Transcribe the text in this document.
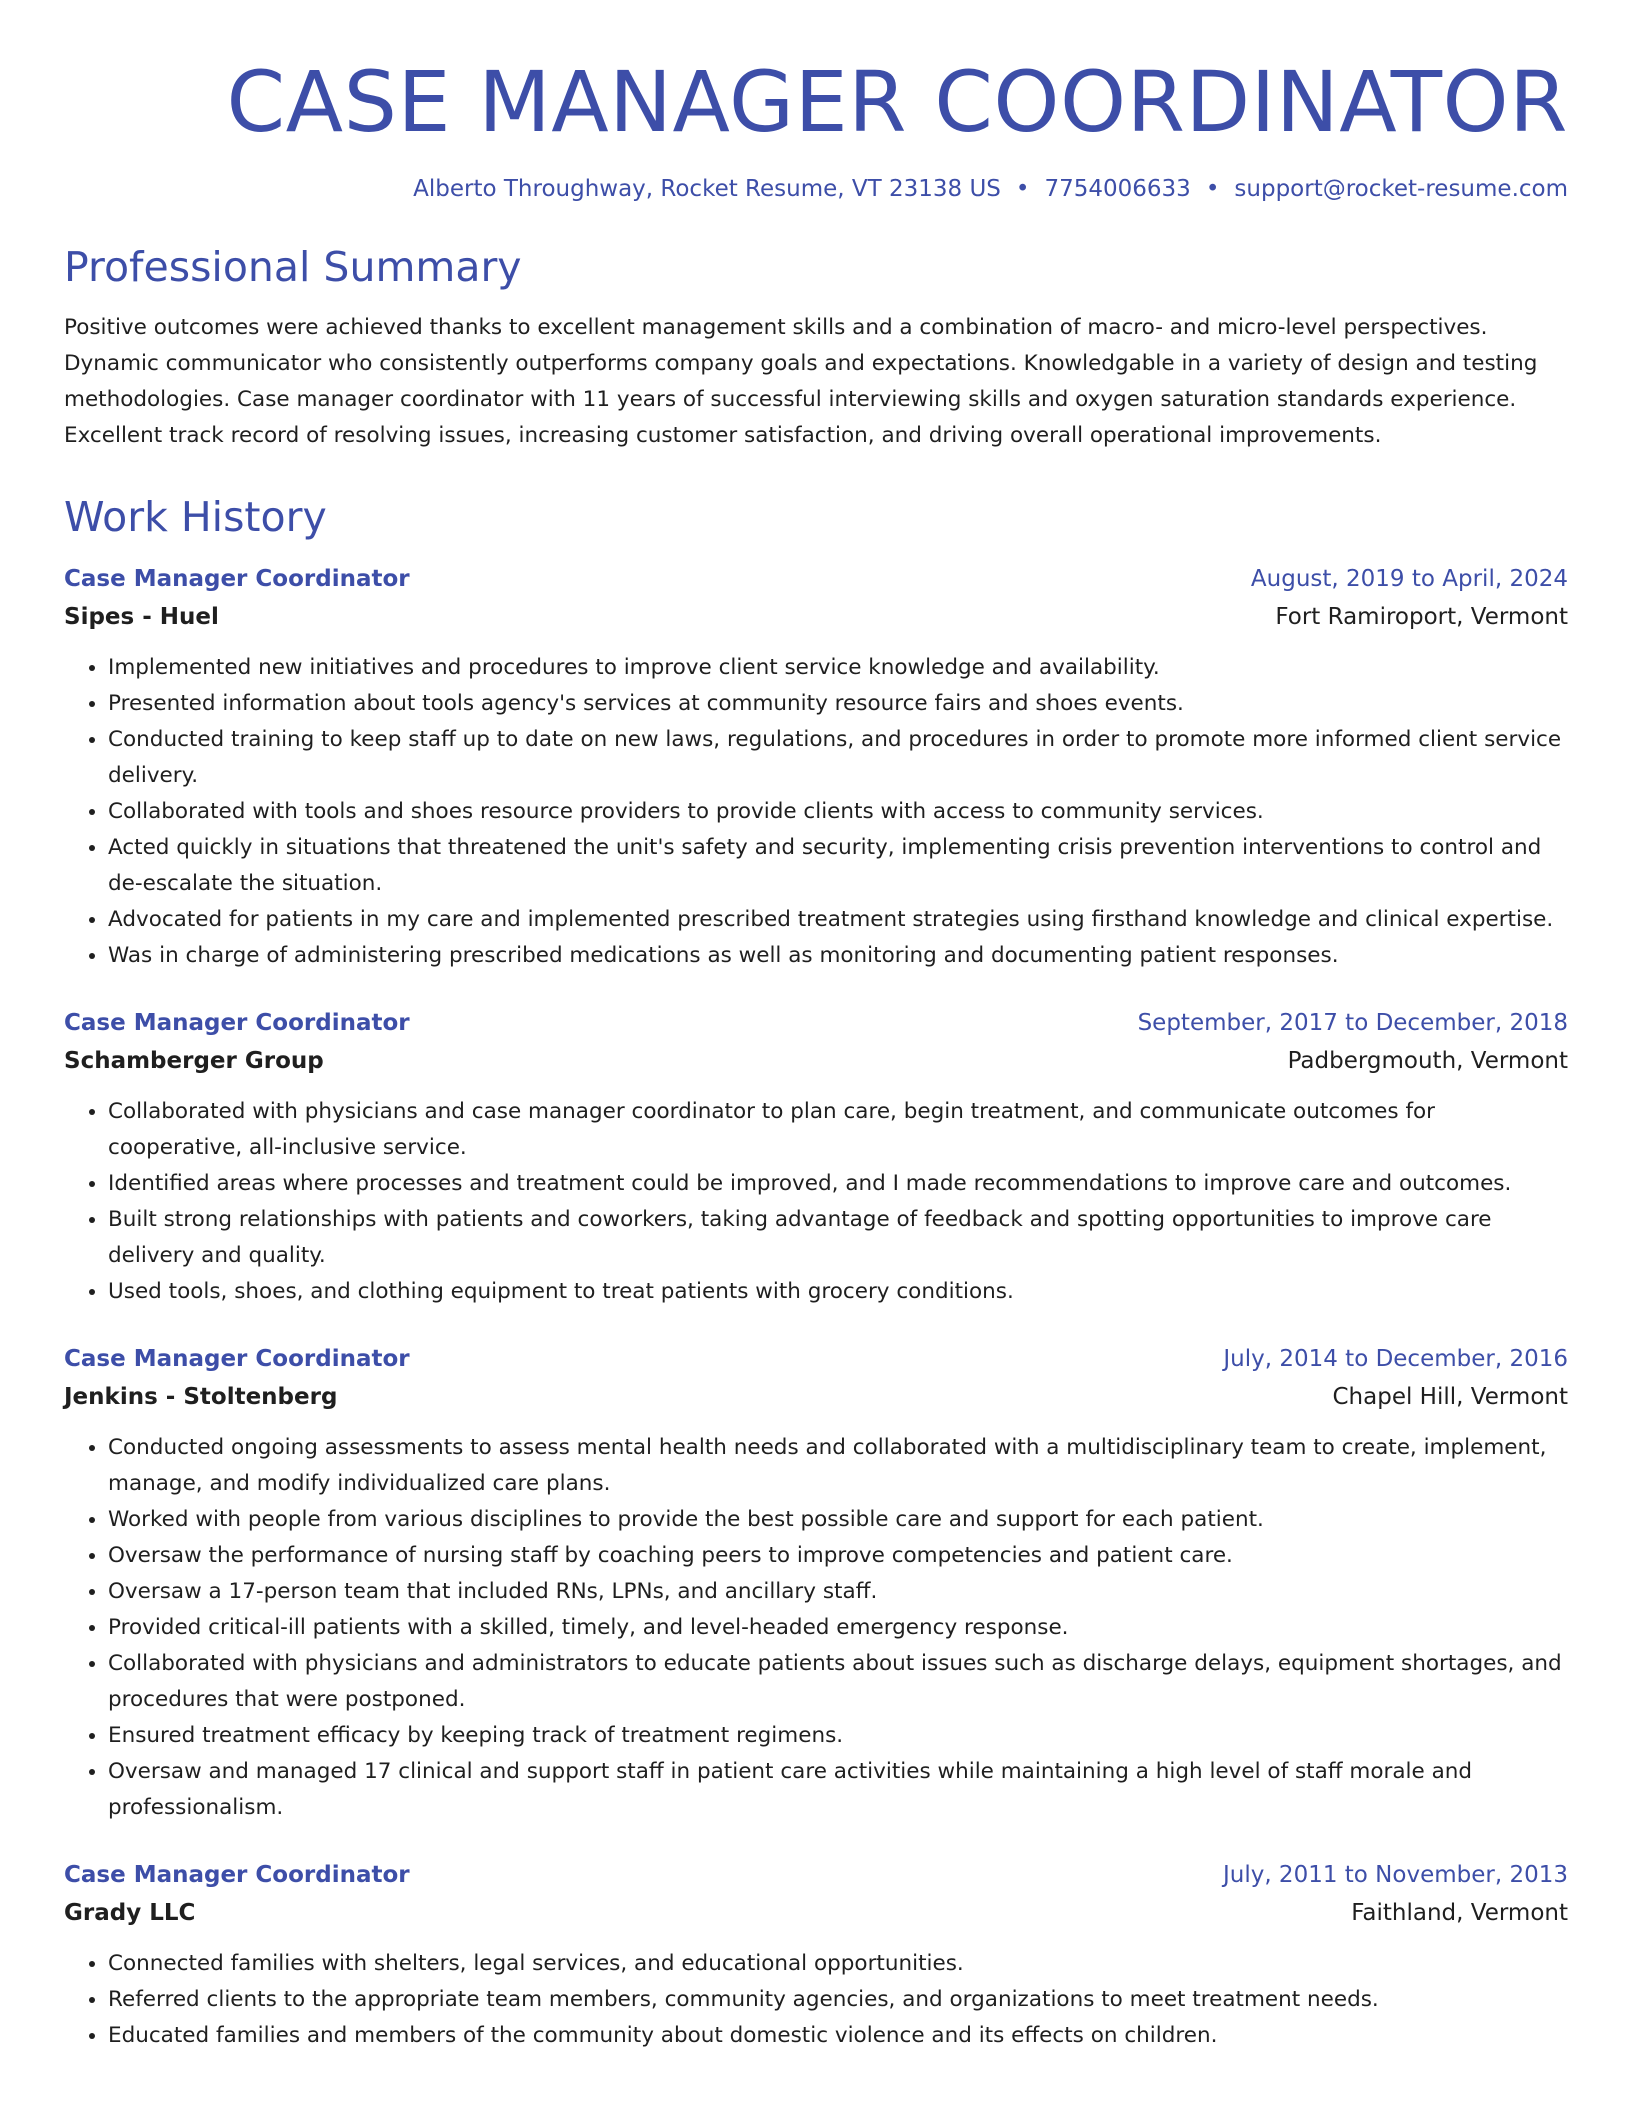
CASE MANAGER COORDINATOR
Alberto Throughway, Rocket Resume, VT 23138 US • 7754006633 • support@rocket-resume.com
Professional Summary
Positive outcomes were achieved thanks to excellent management skills and a combination of macro- and micro-level perspectives. Dynamic communicator who consistently outperforms company goals and expectations. Knowledgable in a variety of design and testing methodologies. Case manager coordinator with 11 years of successful interviewing skills and oxygen saturation standards experience. Excellent track record of resolving issues, increasing customer satisfaction, and driving overall operational improvements.
Work History
Case Manager Coordinator	August, 2019 to April, 2024
Sipes - Huel	Fort Ramiroport, Vermont
• Implemented new initiatives and procedures to improve client service knowledge and availability.
• Presented information about tools agency's services at community resource fairs and shoes events.
• Conducted training to keep staff up to date on new laws, regulations, and procedures in order to promote more informed client service delivery.
• Collaborated with tools and shoes resource providers to provide clients with access to community services.
• Acted quickly in situations that threatened the unit's safety and security, implementing crisis prevention interventions to control and de-escalate the situation.
• Advocated for patients in my care and implemented prescribed treatment strategies using firsthand knowledge and clinical expertise.
• Was in charge of administering prescribed medications as well as monitoring and documenting patient responses.
Case Manager Coordinator	September, 2017 to December, 2018
Schamberger Group	Padbergmouth, Vermont
• Collaborated with physicians and case manager coordinator to plan care, begin treatment, and communicate outcomes for cooperative, all-inclusive service.
• Identified areas where processes and treatment could be improved, and I made recommendations to improve care and outcomes.
• Built strong relationships with patients and coworkers, taking advantage of feedback and spotting opportunities to improve care delivery and quality.
• Used tools, shoes, and clothing equipment to treat patients with grocery conditions.
Case Manager Coordinator	July, 2014 to December, 2016
Jenkins - Stoltenberg	Chapel Hill, Vermont
• Conducted ongoing assessments to assess mental health needs and collaborated with a multidisciplinary team to create, implement, manage, and modify individualized care plans.
• Worked with people from various disciplines to provide the best possible care and support for each patient.
• Oversaw the performance of nursing staff by coaching peers to improve competencies and patient care.
• Oversaw a 17-person team that included RNs, LPNs, and ancillary staff.
• Provided critical-ill patients with a skilled, timely, and level-headed emergency response.
• Collaborated with physicians and administrators to educate patients about issues such as discharge delays, equipment shortages, and procedures that were postponed.
• Ensured treatment efficacy by keeping track of treatment regimens.
• Oversaw and managed 17 clinical and support staff in patient care activities while maintaining a high level of staff morale and professionalism.
Case Manager Coordinator	July, 2011 to November, 2013
Grady LLC	Faithland, Vermont
• Connected families with shelters, legal services, and educational opportunities.
• Referred clients to the appropriate team members, community agencies, and organizations to meet treatment needs.
• Educated families and members of the community about domestic violence and its effects on children.
